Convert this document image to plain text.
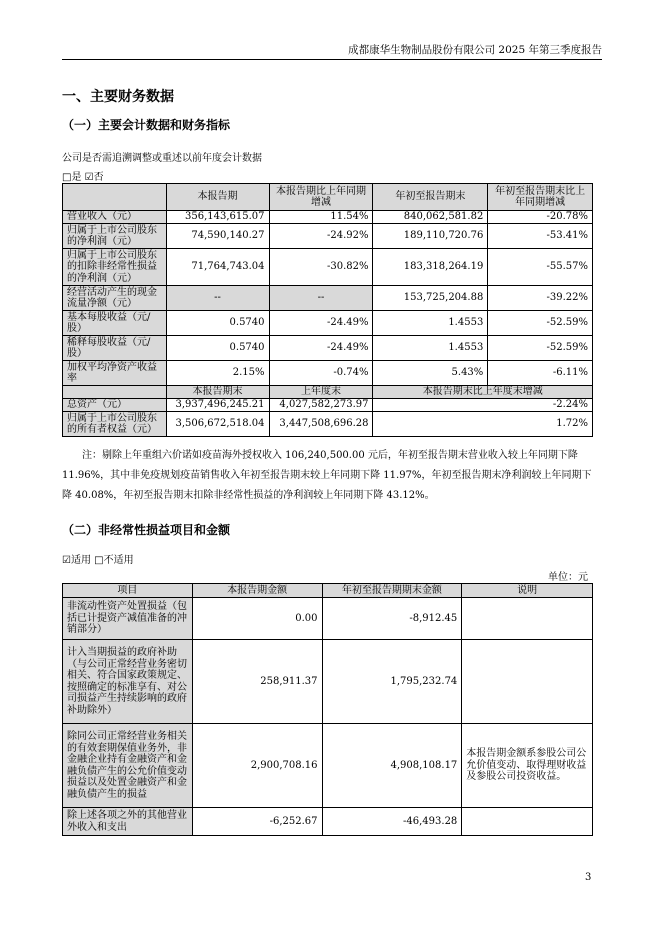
成都康华生物制品股份有限公司 2025 年第三季度报告
一、主要财务数据
（一）主要会计数据和财务指标
公司是否需追溯调整或重述以前年度会计数据
□是 ☑否
	本报告期	本报告期比上年同期增减	年初至报告期末	年初至报告期末比上年同期增减
营业收入（元）	356,143,615.07	11.54%	840,062,581.82	-20.78%
归属于上市公司股东的净利润（元）	74,590,140.27	-24.92%	189,110,720.76	-53.41%
归属于上市公司股东的扣除非经常性损益的净利润（元）	71,764,743.04	-30.82%	183,318,264.19	-55.57%
经营活动产生的现金流量净额（元）	--	--	153,725,204.88	-39.22%
基本每股收益（元/股）	0.5740	-24.49%	1.4553	-52.59%
稀释每股收益（元/股）	0.5740	-24.49%	1.4553	-52.59%
加权平均净资产收益率	2.15%	-0.74%	5.43%	-6.11%
	本报告期末	上年度末	本报告期末比上年度末增减	
总资产（元）	3,937,496,245.21	4,027,582,273.97	-2.24%	
归属于上市公司股东的所有者权益（元）	3,506,672,518.04	3,447,508,696.28	1.72%	
注：剔除上年重组六价诺如疫苗海外授权收入 106,240,500.00 元后，年初至报告期末营业收入较上年同期下降 11.96%，其中非免疫规划疫苗销售收入年初至报告期末较上年同期下降 11.97%，年初至报告期末净利润较上年同期下降 40.08%，年初至报告期末扣除非经常性损益的净利润较上年同期下降 43.12%。
（二）非经常性损益项目和金额
☑适用 □不适用
单位：元
项目	本报告期金额	年初至报告期期末金额	说明
非流动性资产处置损益（包括已计提资产减值准备的冲销部分）	0.00	-8,912.45	
计入当期损益的政府补助（与公司正常经营业务密切相关、符合国家政策规定、按照确定的标准享有、对公司损益产生持续影响的政府补助除外）	258,911.37	1,795,232.74	
除同公司正常经营业务相关的有效套期保值业务外，非金融企业持有金融资产和金融负债产生的公允价值变动损益以及处置金融资产和金融负债产生的损益	2,900,708.16	4,908,108.17	本报告期金额系参股公司公允价值变动、取得理财收益及参股公司投资收益。
除上述各项之外的其他营业外收入和支出	-6,252.67	-46,493.28	
3
